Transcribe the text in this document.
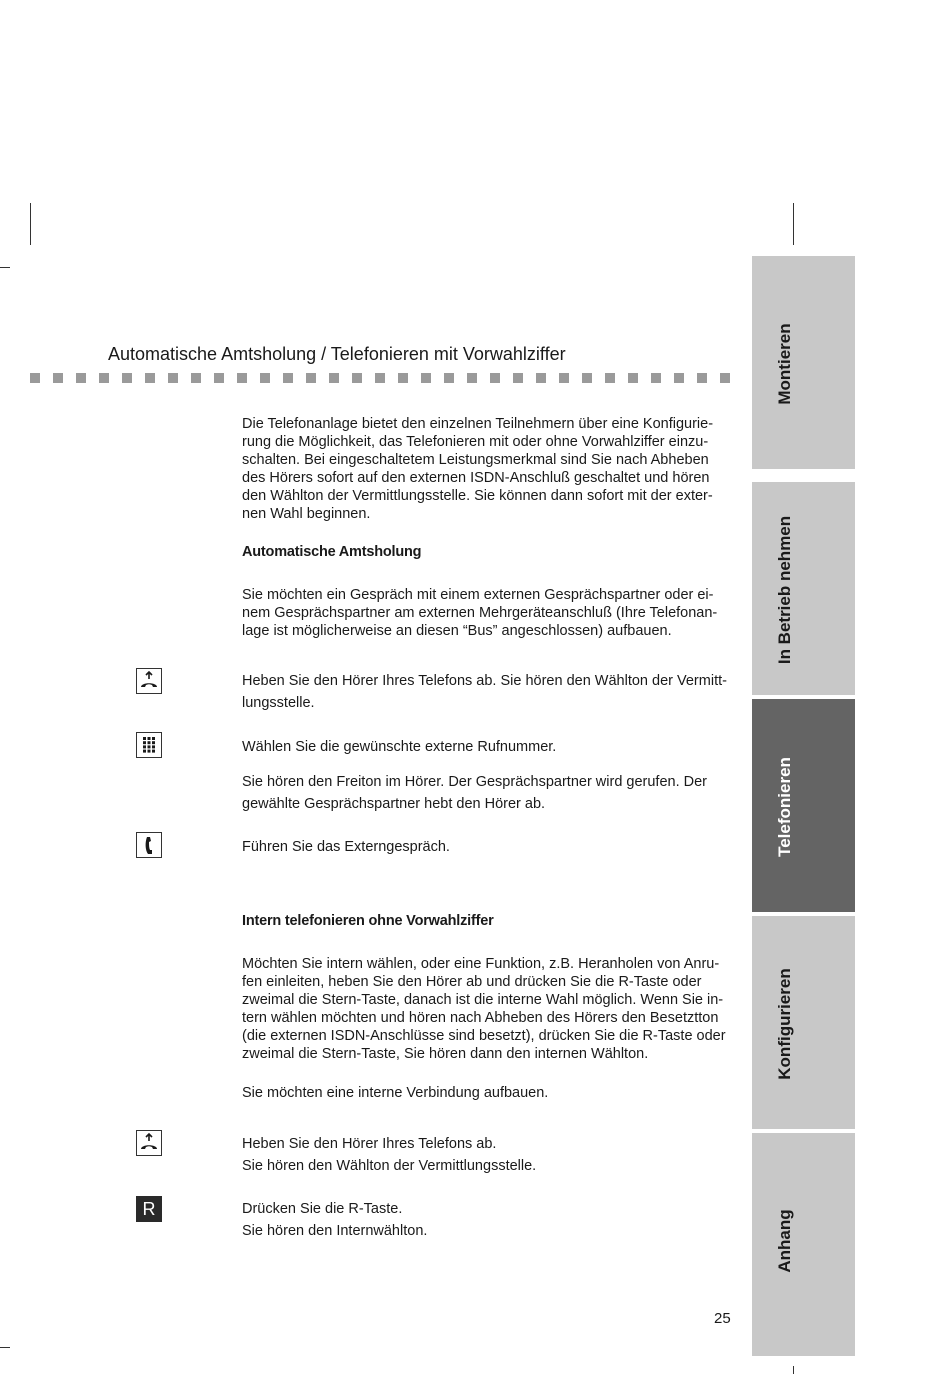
Automatische Amtsholung / Telefonieren mit Vorwahlziffer
Die Telefonanlage bietet den einzelnen Teilnehmern über eine Konfigurie-
rung die Möglichkeit, das Telefonieren mit oder ohne Vorwahlziffer einzu-
schalten. Bei eingeschaltetem Leistungsmerkmal sind Sie nach Abheben
des Hörers sofort auf den externen ISDN-Anschluß geschaltet und hören
den Wählton der Vermittlungsstelle. Sie können dann sofort mit der exter-
nen Wahl beginnen.
Automatische Amtsholung
Sie möchten ein Gespräch mit einem externen Gesprächspartner oder ei-
nem Gesprächspartner am externen Mehrgeräteanschluß (Ihre Telefonan-
lage ist möglicherweise an diesen “Bus” angeschlossen) aufbauen.
Heben Sie den Hörer Ihres Telefons ab. Sie hören den Wählton der Vermitt-
lungsstelle.
Wählen Sie die gewünschte externe Rufnummer.
Sie hören den Freiton im Hörer. Der Gesprächspartner wird gerufen. Der
gewählte Gesprächspartner hebt den Hörer ab.
Führen Sie das Externgespräch.
Intern telefonieren ohne Vorwahlziffer
Möchten Sie intern wählen, oder eine Funktion, z.B. Heranholen von Anru-
fen einleiten, heben Sie den Hörer ab und drücken Sie die R-Taste oder
zweimal die Stern-Taste, danach ist die interne Wahl möglich. Wenn Sie in-
tern wählen möchten und hören nach Abheben des Hörers den Besetztton
(die externen ISDN-Anschlüsse sind besetzt), drücken Sie die R-Taste oder
zweimal die Stern-Taste, Sie hören dann den internen Wählton.
Sie möchten eine interne Verbindung aufbauen.
Heben Sie den Hörer Ihres Telefons ab.
Sie hören den Wählton der Vermittlungsstelle.
R	Drücken Sie die R-Taste.
Sie hören den Internwählton.
Montieren
In Betrieb nehmen
Telefonieren
Konfigurieren
Anhang
25
